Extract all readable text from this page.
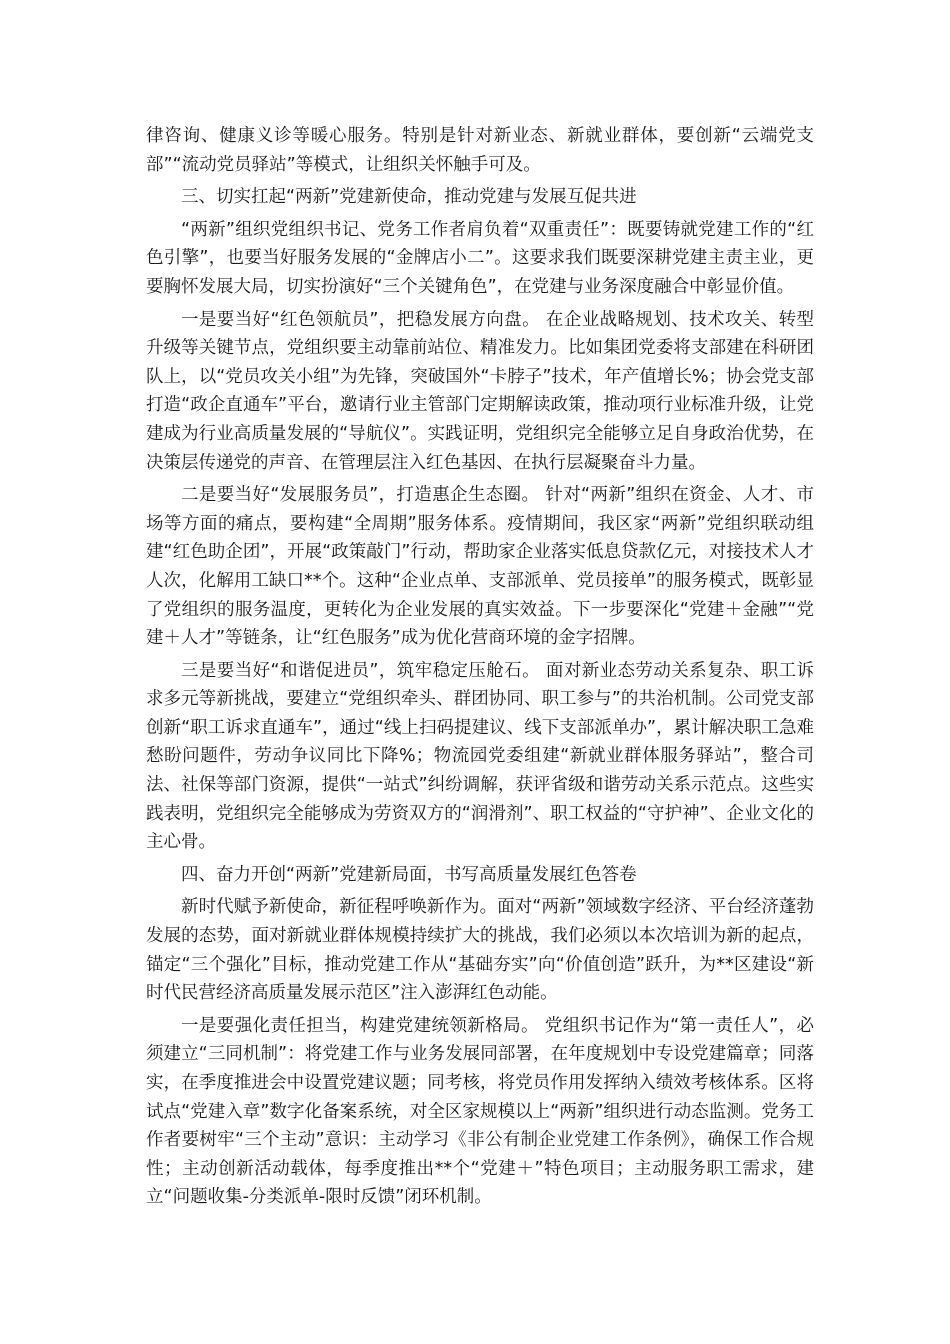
律咨询、健康义诊等暖心服务。特别是针对新业态、新就业群体，要创新“云端党支部”“流动党员驿站”等模式，让组织关怀触手可及。

三、切实扛起“两新”党建新使命，推动党建与发展互促共进

“两新”组织党组织书记、党务工作者肩负着“双重责任”：既要铸就党建工作的“红色引擎”，也要当好服务发展的“金牌店小二”。这要求我们既要深耕党建主责主业，更要胸怀发展大局，切实扮演好“三个关键角色”，在党建与业务深度融合中彰显价值。

一是要当好“红色领航员”，把稳发展方向盘。 在企业战略规划、技术攻关、转型升级等关键节点，党组织要主动靠前站位、精准发力。比如集团党委将支部建在科研团队上，以“党员攻关小组”为先锋，突破国外“卡脖子”技术，年产值增长%；协会党支部打造“政企直通车”平台，邀请行业主管部门定期解读政策，推动项行业标准升级，让党建成为行业高质量发展的“导航仪”。实践证明，党组织完全能够立足自身政治优势，在决策层传递党的声音、在管理层注入红色基因、在执行层凝聚奋斗力量。

二是要当好“发展服务员”，打造惠企生态圈。 针对“两新”组织在资金、人才、市场等方面的痛点，要构建“全周期”服务体系。疫情期间，我区家“两新”党组织联动组建“红色助企团”，开展“政策敲门”行动，帮助家企业落实低息贷款亿元，对接技术人才人次，化解用工缺口**个。这种“企业点单、支部派单、党员接单”的服务模式，既彰显了党组织的服务温度，更转化为企业发展的真实效益。下一步要深化“党建＋金融”“党建＋人才”等链条，让“红色服务”成为优化营商环境的金字招牌。

三是要当好“和谐促进员”，筑牢稳定压舱石。 面对新业态劳动关系复杂、职工诉求多元等新挑战，要建立“党组织牵头、群团协同、职工参与”的共治机制。公司党支部创新“职工诉求直通车”，通过“线上扫码提建议、线下支部派单办”，累计解决职工急难愁盼问题件，劳动争议同比下降%；物流园党委组建“新就业群体服务驿站”，整合司法、社保等部门资源，提供“一站式”纠纷调解，获评省级和谐劳动关系示范点。这些实践表明，党组织完全能够成为劳资双方的“润滑剂”、职工权益的“守护神”、企业文化的主心骨。

四、奋力开创“两新”党建新局面，书写高质量发展红色答卷

新时代赋予新使命，新征程呼唤新作为。面对“两新”领域数字经济、平台经济蓬勃发展的态势，面对新就业群体规模持续扩大的挑战，我们必须以本次培训为新的起点，锚定“三个强化”目标，推动党建工作从“基础夯实”向“价值创造”跃升，为**区建设“新时代民营经济高质量发展示范区”注入澎湃红色动能。

一是要强化责任担当，构建党建统领新格局。 党组织书记作为“第一责任人”，必须建立“三同机制”：将党建工作与业务发展同部署，在年度规划中专设党建篇章；同落实，在季度推进会中设置党建议题；同考核，将党员作用发挥纳入绩效考核体系。区将试点“党建入章”数字化备案系统，对全区家规模以上“两新”组织进行动态监测。党务工作者要树牢“三个主动”意识：主动学习《非公有制企业党建工作条例》，确保工作合规性；主动创新活动载体，每季度推出**个“党建＋”特色项目；主动服务职工需求，建立“问题收集-分类派单-限时反馈”闭环机制。
